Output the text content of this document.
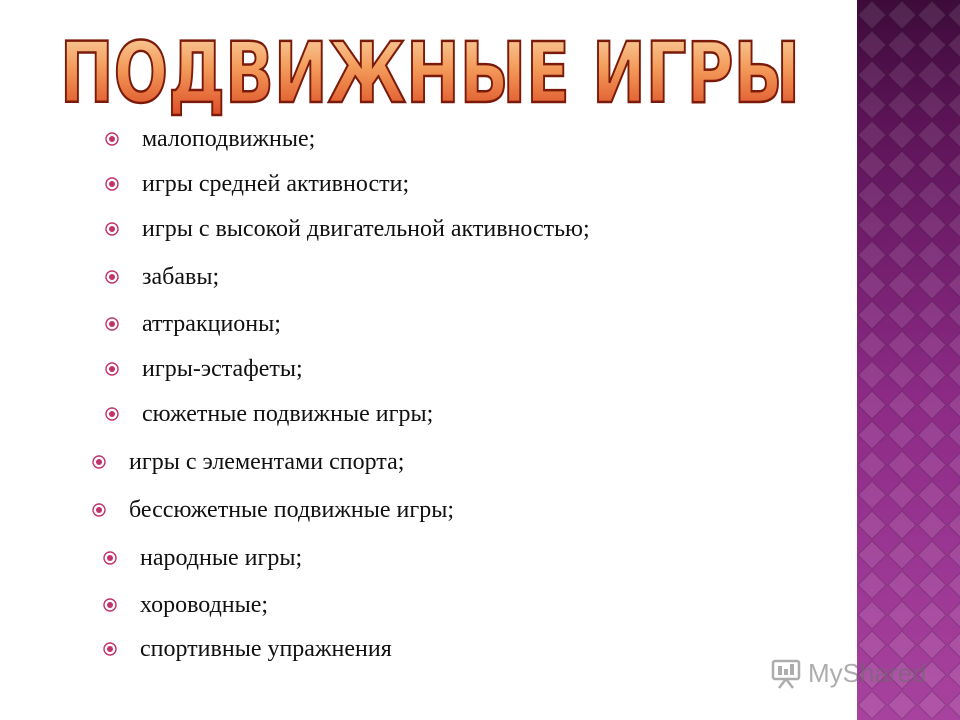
ПОДВИЖНЫЕ ИГРЫ
малоподвижные;
игры средней активности;
игры с высокой двигательной активностью;
забавы;
аттракционы;
игры-эстафеты;
сюжетные подвижные игры;
игры с элементами спорта;
бессюжетные подвижные игры;
народные игры;
хороводные;
спортивные упражнения
MyShared
